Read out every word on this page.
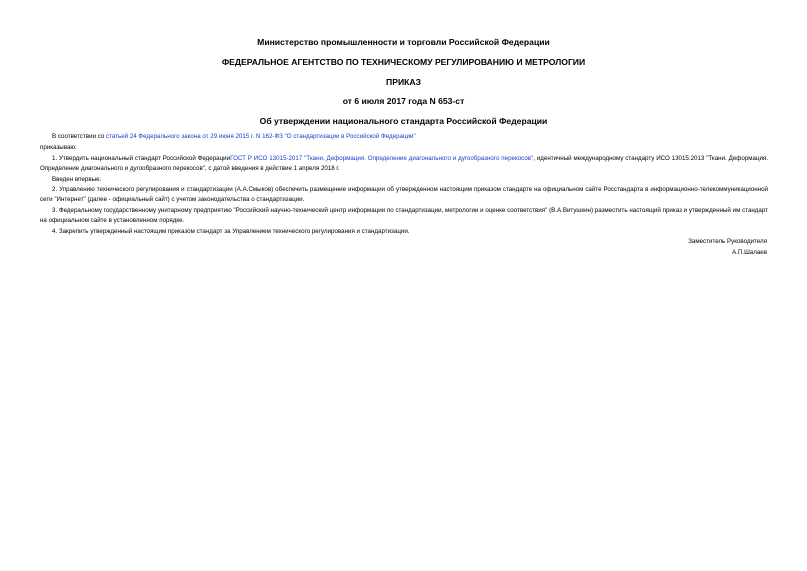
Министерство промышленности и торговли Российской Федерации
ФЕДЕРАЛЬНОЕ АГЕНТСТВО ПО ТЕХНИЧЕСКОМУ РЕГУЛИРОВАНИЮ И МЕТРОЛОГИИ
ПРИКАЗ
от 6 июля 2017 года N 653-ст
Об утверждении национального стандарта Российской Федерации
В соответствии со статьей 24 Федерального закона от 29 июня 2015 г. N 162-ФЗ "О стандартизации в Российской Федерации"
приказываю:
1. Утвердить национальный стандарт Российской ФедерацииГОСТ Р ИСО 13015-2017 "Ткани. Деформация. Определение диагонального и дугообразного перекосов", идентичный международному стандарту ИСО 13015:2013 "Ткани. Деформация. Определение диагонального и дугообразного перекосов", с датой введения в действие 1 апреля 2018 г.
Введен впервые.
2. Управлению технического регулирования и стандартизации (А.А.Смыков) обеспечить размещение информации об утвержденном настоящим приказом стандарте на официальном сайте Росстандарта в информационно-телекоммуникационной сети "Интернет" (далее - официальный сайт) с учетом законодательства о стандартизации.
3. Федеральному государственному унитарному предприятию "Российский научно-технический центр информации по стандартизации, метрологии и оценке соответствия" (В.А.Витушкин) разместить настоящий приказ и утвержденный им стандарт на официальном сайте в установленном порядке.
4. Закрепить утвержденный настоящим приказом стандарт за Управлением технического регулирования и стандартизации.
Заместитель Руководителя
А.П.Шалаев
